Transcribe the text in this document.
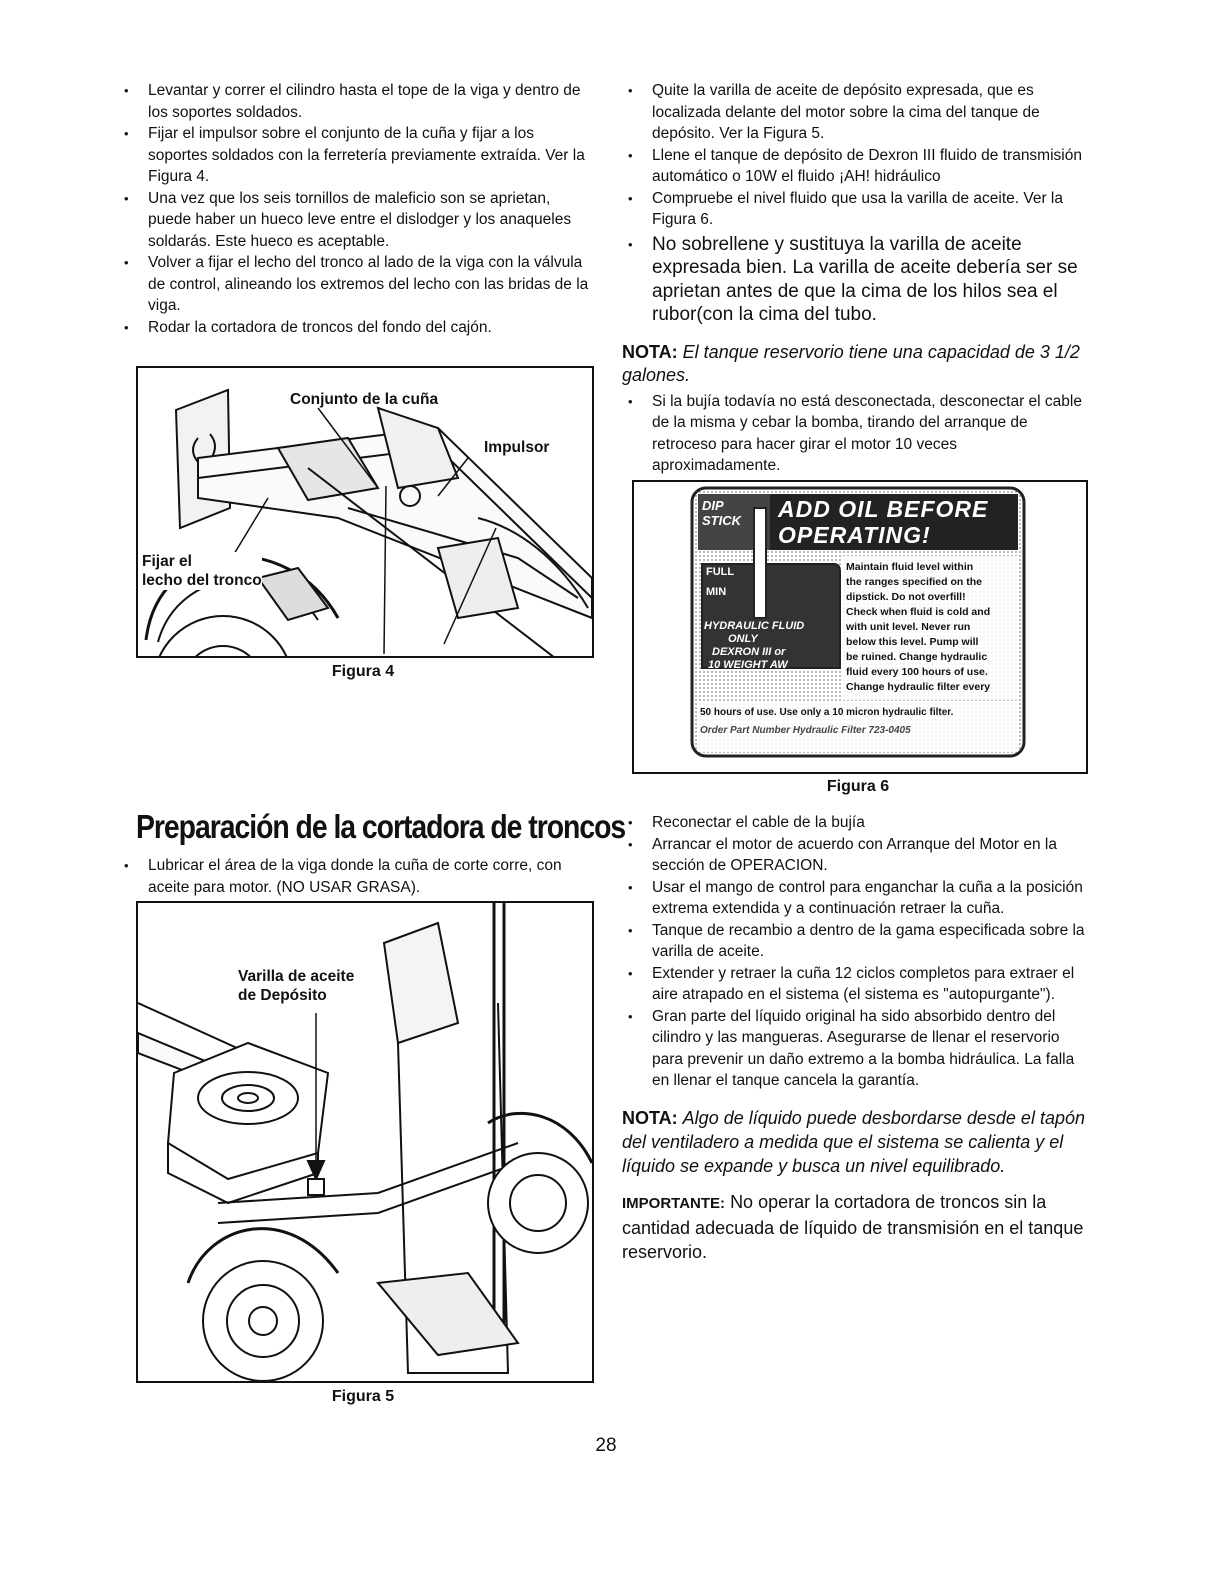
• Levantar y correr el cilindro hasta el tope de la viga y dentro de los soportes soldados.
• Fijar el impulsor sobre el conjunto de la cuña y fijar a los soportes soldados con la ferretería previamente extraída. Ver la Figura 4.
• Una vez que los seis tornillos de maleficio son se aprietan, puede haber un hueco leve entre el dislodger y los anaqueles soldarás. Este hueco es aceptable.
• Volver a fijar el lecho del tronco al lado de la viga con la válvula de control, alineando los extremos del lecho con las bridas de la viga.
• Rodar la cortadora de troncos del fondo del cajón.
Conjunto de la cuña
Impulsor
Fijar el
lecho del tronco
Figura 4
Preparación de la cortadora de troncos
• Lubricar el área de la viga donde la cuña de corte corre, con aceite para motor. (NO USAR GRASA).
Varilla de aceite
de Depósito
Figura 5
• Quite la varilla de aceite de depósito expresada, que es localizada delante del motor sobre la cima del tanque de depósito. Ver la Figura 5.
• Llene el tanque de depósito de Dexron III fluido de transmisión automático o 10W el fluido ¡AH! hidráulico
• Compruebe el nivel fluido que usa la varilla de aceite. Ver la Figura 6.
• No sobrellene y sustituya la varilla de aceite expresada bien. La varilla de aceite debería ser se aprietan antes de que la cima de los hilos sea el rubor(con la cima del tubo.
NOTA: El tanque reservorio tiene una capacidad de 3 1/2 galones.
• Si la bujía todavía no está desconectada, desconectar el cable de la misma y cebar la bomba, tirando del arranque de retroceso para hacer girar el motor 10 veces aproximadamente.
DIP
STICK ADD OIL BEFORE
OPERATING!
FULL
MIN
HYDRAULIC FLUID
ONLY
DEXRON III or
10 WEIGHT AW
Maintain fluid level within
the ranges specified on the
dipstick. Do not overfill!
Check when fluid is cold and
with unit level. Never run
below this level. Pump will
be ruined. Change hydraulic
fluid every 100 hours of use.
Change hydraulic filter every
50 hours of use. Use only a 10 micron hydraulic filter.
Order Part Number Hydraulic Filter 723-0405
Figura 6
• Reconectar el cable de la bujía
• Arrancar el motor de acuerdo con Arranque del Motor en la sección de OPERACION.
• Usar el mango de control para enganchar la cuña a la posición extrema extendida y a continuación retraer la cuña.
• Tanque de recambio a dentro de la gama especificada sobre la varilla de aceite.
• Extender y retraer la cuña 12 ciclos completos para extraer el aire atrapado en el sistema (el sistema es "autopurgante").
• Gran parte del líquido original ha sido absorbido dentro del cilindro y las mangueras. Asegurarse de llenar el reservorio para prevenir un daño extremo a la bomba hidráulica. La falla en llenar el tanque cancela la garantía.
NOTA: Algo de líquido puede desbordarse desde el tapón del ventiladero a medida que el sistema se calienta y el líquido se expande y busca un nivel equilibrado.
IMPORTANTE: No operar la cortadora de troncos sin la cantidad adecuada de líquido de transmisión en el tanque reservorio.
28
